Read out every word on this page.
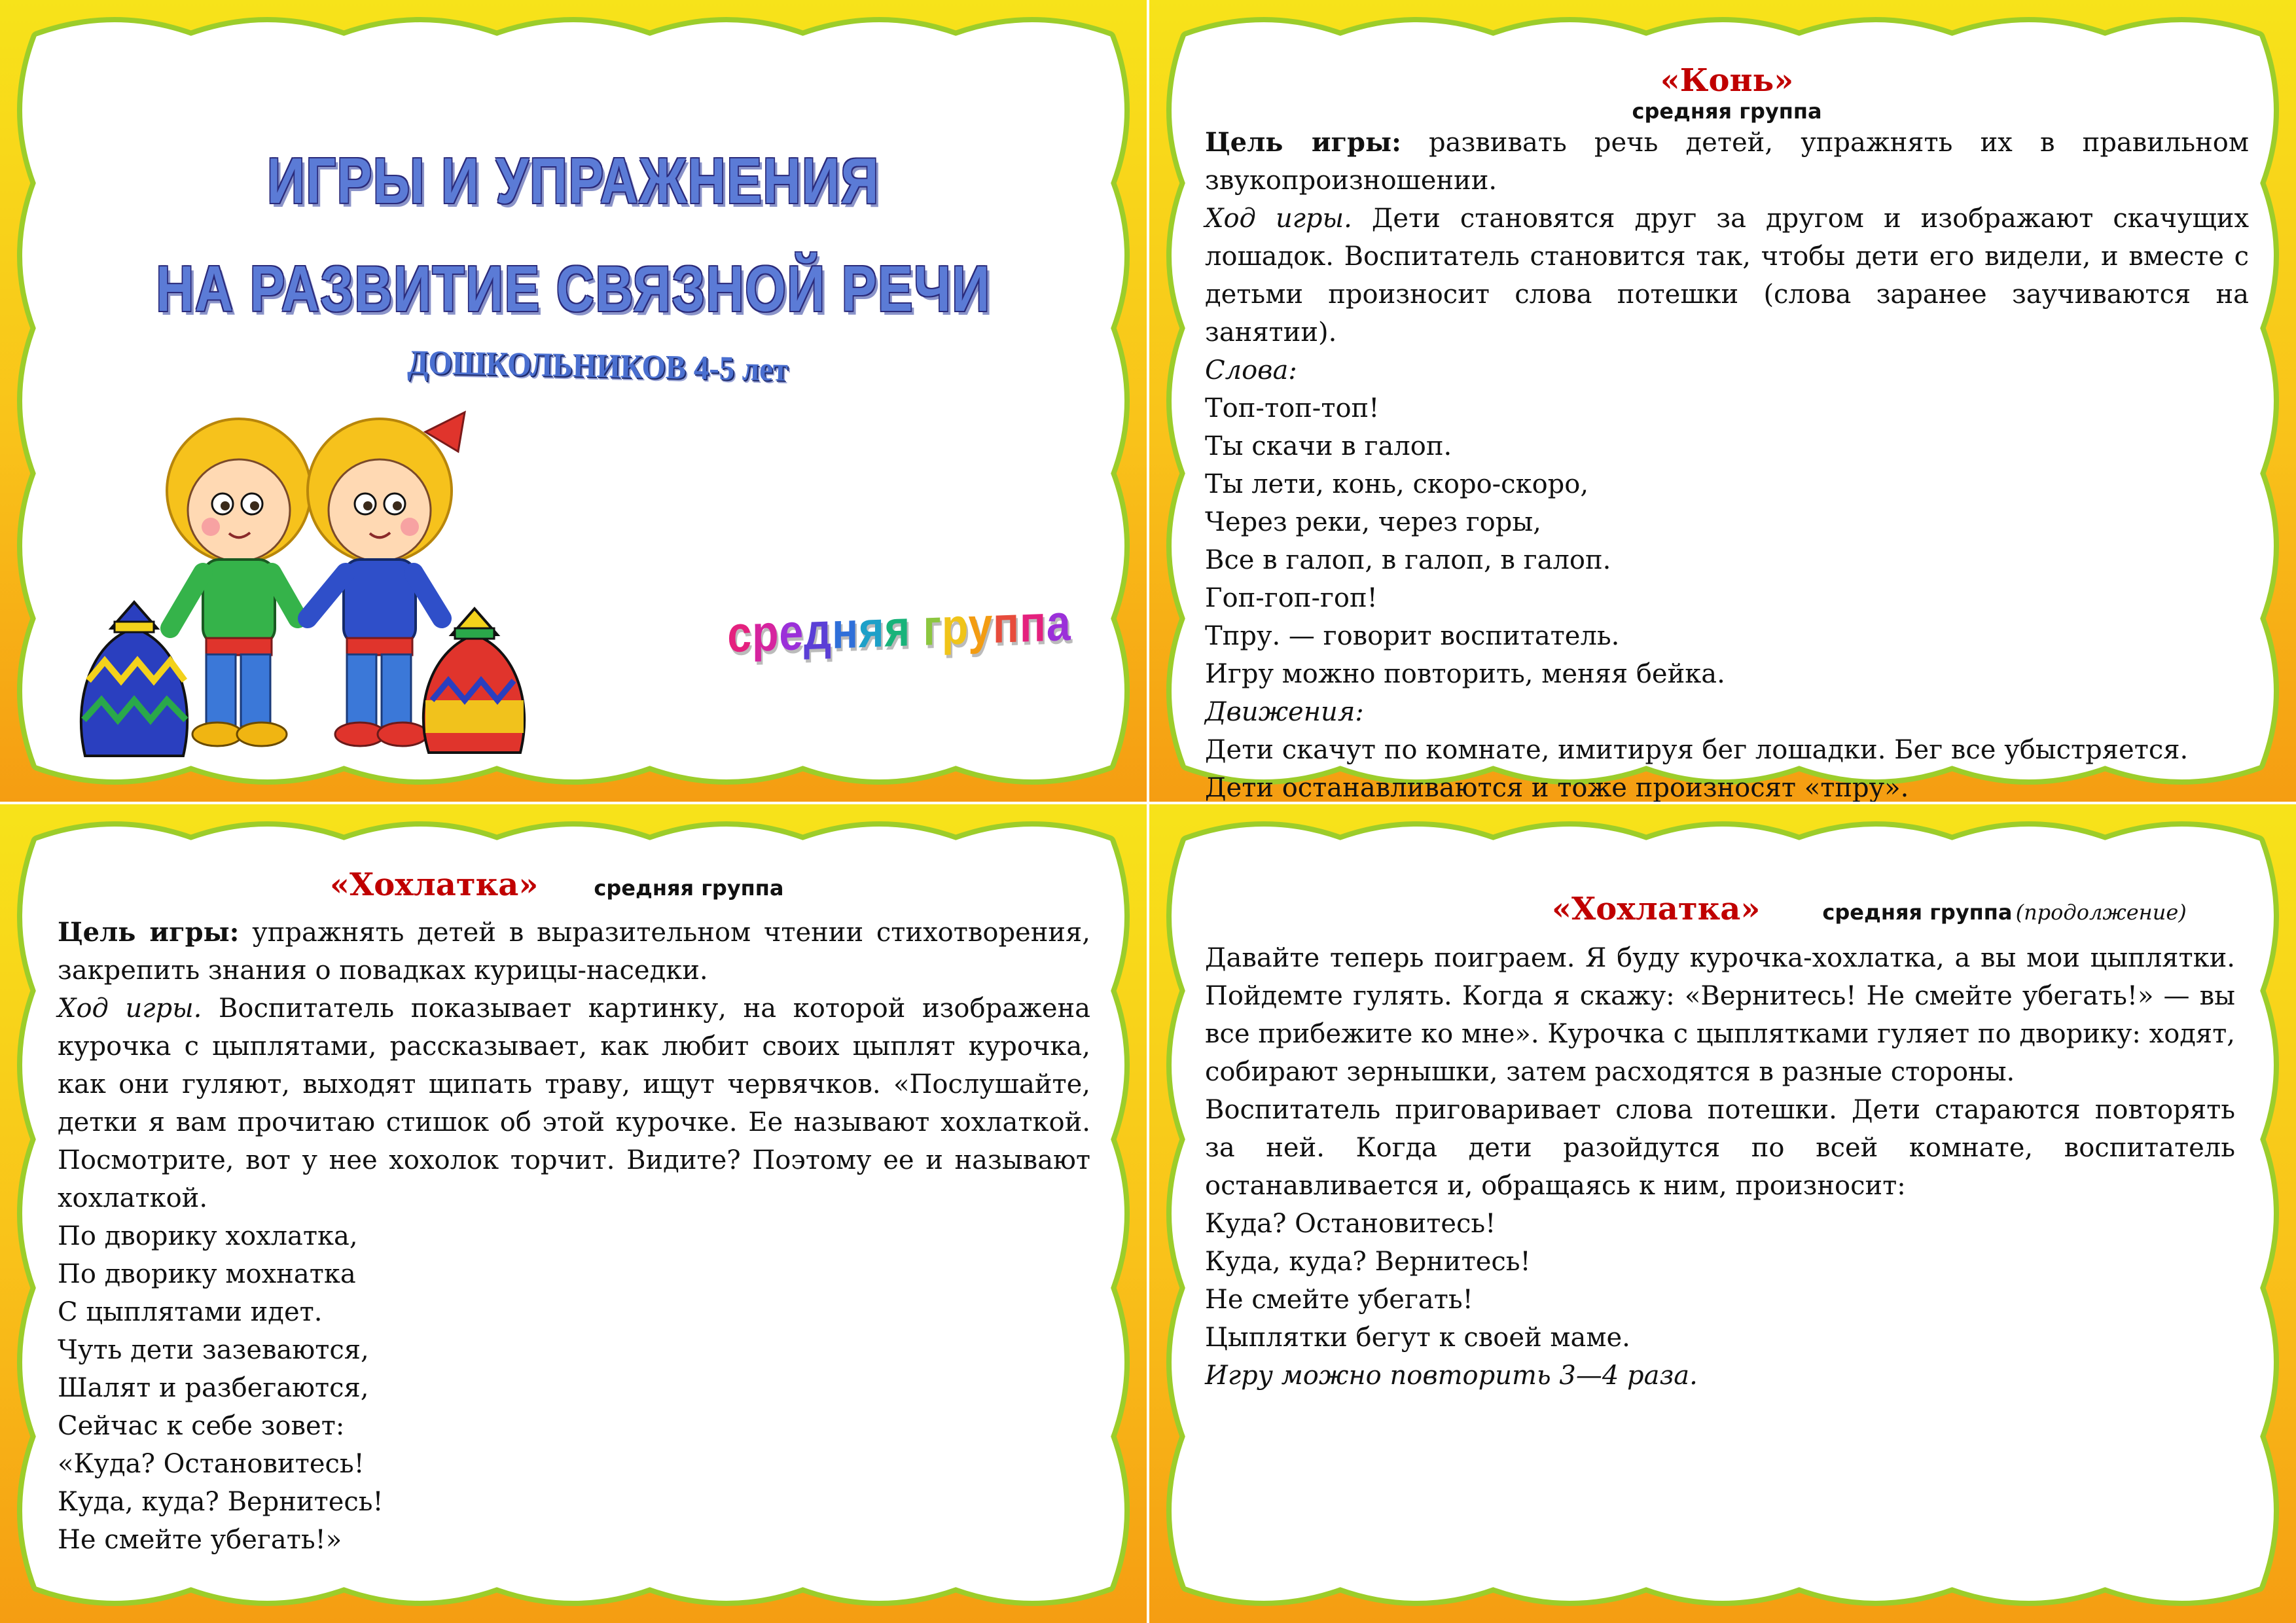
ИГРЫ И УПРАЖНЕНИЯ
НА РАЗВИТИЕ СВЯЗНОЙ РЕЧИ
ДОШКОЛЬНИКОВ 4-5 лет
средняя группа
«Конь»
средняя группа

Цель игры: развивать речь детей, упражнять их в правильном звукопроизношении.

Ход игры. Дети становятся друг за другом и изображают скачущих лошадок. Воспитатель становится так, чтобы дети его видели, и вместе с детьми произносит слова потешки (слова заранее заучиваются на занятии).

Слова:

Топ-топ-топ!

Ты скачи в галоп.

Ты лети, конь, скоро-скоро,

Через реки, через горы,

Все в галоп, в галоп, в галоп.

Гоп-гоп-гоп!

Тпру. — говорит воспитатель.

Игру можно повторить, меняя бейка.

Движения:

Дети скачут по комнате, имитируя бег лошадки. Бег все убыстряется.

Дети останавливаются и тоже произносят «тпру».

«Хохлатка»	средняя группа

Цель игры: упражнять детей в выразительном чтении стихотворения, закрепить знания о повадках курицы-наседки.

Ход игры. Воспитатель показывает картинку, на которой изображена курочка с цыплятами, рассказывает, как любит своих цыплят курочка, как они гуляют, выходят щипать траву, ищут червячков. «Послушайте, детки я вам прочитаю стишок об этой курочке. Ее называют хохлаткой. Посмотрите, вот у нее хохолок торчит. Видите? Поэтому ее и называют хохлаткой.

По дворику хохлатка,

По дворику мохнатка

С цыплятами идет.

Чуть дети зазеваются,

Шалят и разбегаются,

Сейчас к себе зовет:

«Куда? Остановитесь!

Куда, куда? Вернитесь!

Не смейте убегать!»

«Хохлатка»	средняя группа (продолжение)

Давайте теперь поиграем. Я буду курочка-хохлатка, а вы мои цыплятки. Пойдемте гулять. Когда я скажу: «Вернитесь! Не смейте убегать!» — вы все прибежите ко мне». Курочка с цыплятками гуляет по дворику: ходят, собирают зернышки, затем расходятся в разные стороны.

Воспитатель приговаривает слова потешки. Дети стараются повторять за ней. Когда дети разойдутся по всей комнате, воспитатель останавливается и, обращаясь к ним, произносит:

Куда? Остановитесь!

Куда, куда? Вернитесь!

Не смейте убегать!

Цыплятки бегут к своей маме.

Игру можно повторить 3—4 раза.
